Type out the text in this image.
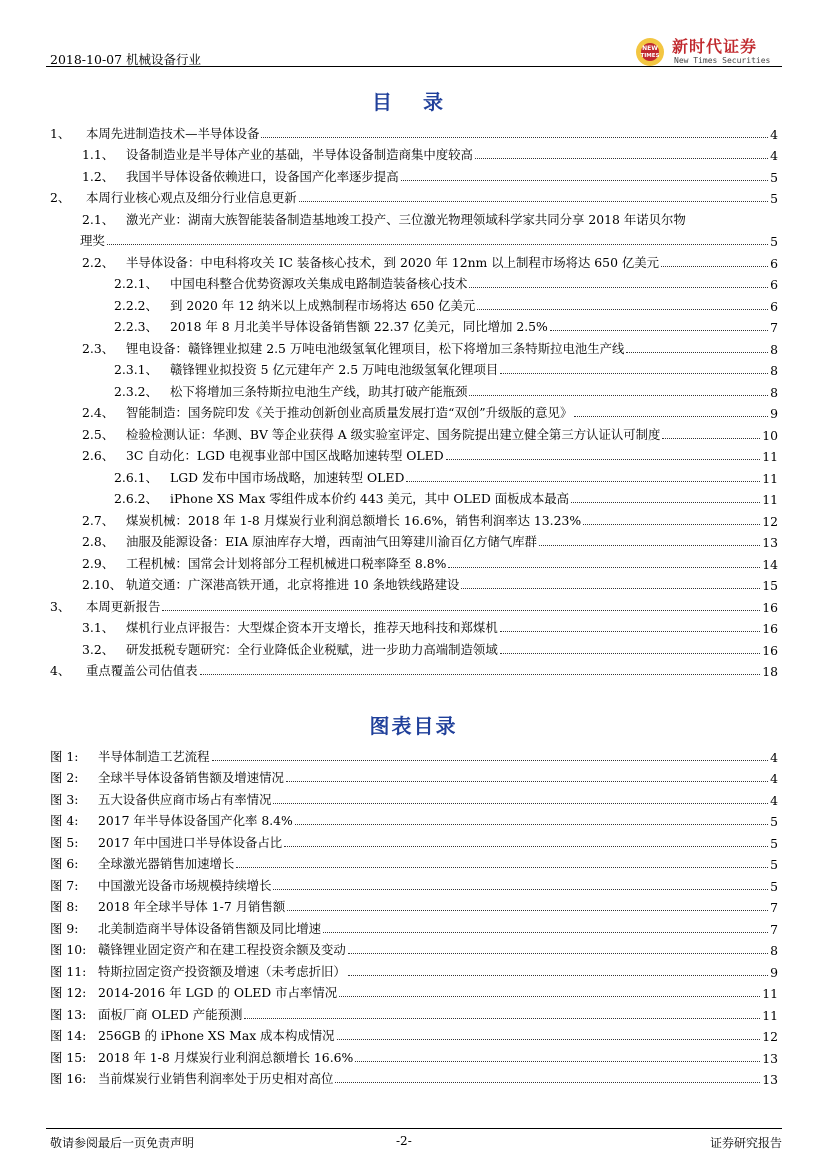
2018-10-07 机械设备行业
NEW
TIMES 新时代证券
New Times Securities
目 录
1、	本周先进制造技术—半导体设备	4
1.1、 设备制造业是半导体产业的基础，半导体设备制造商集中度较高	4
1.2、 我国半导体设备依赖进口，设备国产化率逐步提高	5
2、	本周行业核心观点及细分行业信息更新	5
2.1、 激光产业：湖南大族智能装备制造基地竣工投产、三位激光物理领域科学家共同分享 2018 年诺贝尔物
理奖	5
2.2、 半导体设备：中电科将攻关 IC 装备核心技术，到 2020 年 12nm 以上制程市场将达 650 亿美元	6
2.2.1、 中国电科整合优势资源攻关集成电路制造装备核心技术	6
2.2.2、 到 2020 年 12 纳米以上成熟制程市场将达 650 亿美元	6
2.2.3、 2018 年 8 月北美半导体设备销售额 22.37 亿美元，同比增加 2.5%	7
2.3、 锂电设备：赣锋锂业拟建 2.5 万吨电池级氢氧化锂项目，松下将增加三条特斯拉电池生产线	8
2.3.1、 赣锋锂业拟投资 5 亿元建年产 2.5 万吨电池级氢氧化锂项目	8
2.3.2、 松下将增加三条特斯拉电池生产线，助其打破产能瓶颈	8
2.4、 智能制造：国务院印发《关于推动创新创业高质量发展打造“双创”升级版的意见》	9
2.5、 检验检测认证：华测、BV 等企业获得 A 级实验室评定、国务院提出建立健全第三方认证认可制度	10
2.6、 3C 自动化：LGD 电视事业部中国区战略加速转型 OLED	11
2.6.1、 LGD 发布中国市场战略，加速转型 OLED	11
2.6.2、 iPhone XS Max 零组件成本价约 443 美元，其中 OLED 面板成本最高	11
2.7、 煤炭机械：2018 年 1-8 月煤炭行业利润总额增长 16.6%，销售利润率达 13.23%	12
2.8、 油服及能源设备：EIA 原油库存大增，西南油气田筹建川渝百亿方储气库群	13
2.9、 工程机械：国常会计划将部分工程机械进口税率降至 8.8%	14
2.10、 轨道交通：广深港高铁开通，北京将推进 10 条地铁线路建设	15
3、	本周更新报告	16
3.1、 煤机行业点评报告：大型煤企资本开支增长，推荐天地科技和郑煤机	16
3.2、 研发抵税专题研究：全行业降低企业税赋，进一步助力高端制造领域	16
4、	重点覆盖公司估值表	18
图表目录
图 1:	半导体制造工艺流程	4
图 2:	全球半导体设备销售额及增速情况	4
图 3:	五大设备供应商市场占有率情况	4
图 4:	2017 年半导体设备国产化率 8.4%	5
图 5:	2017 年中国进口半导体设备占比	5
图 6:	全球激光器销售加速增长	5
图 7:	中国激光设备市场规模持续增长	5
图 8:	2018 年全球半导体 1-7 月销售额	7
图 9:	北美制造商半导体设备销售额及同比增速	7
图 10: 赣锋锂业固定资产和在建工程投资余额及变动	8
图 11: 特斯拉固定资产投资额及增速（未考虑折旧）	9
图 12: 2014-2016 年 LGD 的 OLED 市占率情况	11
图 13: 面板厂商 OLED 产能预测	11
图 14: 256GB 的 iPhone XS Max 成本构成情况	12
图 15: 2018 年 1-8 月煤炭行业利润总额增长 16.6%	13
图 16: 当前煤炭行业销售利润率处于历史相对高位	13
敬请参阅最后一页免责声明	-2-	证券研究报告
